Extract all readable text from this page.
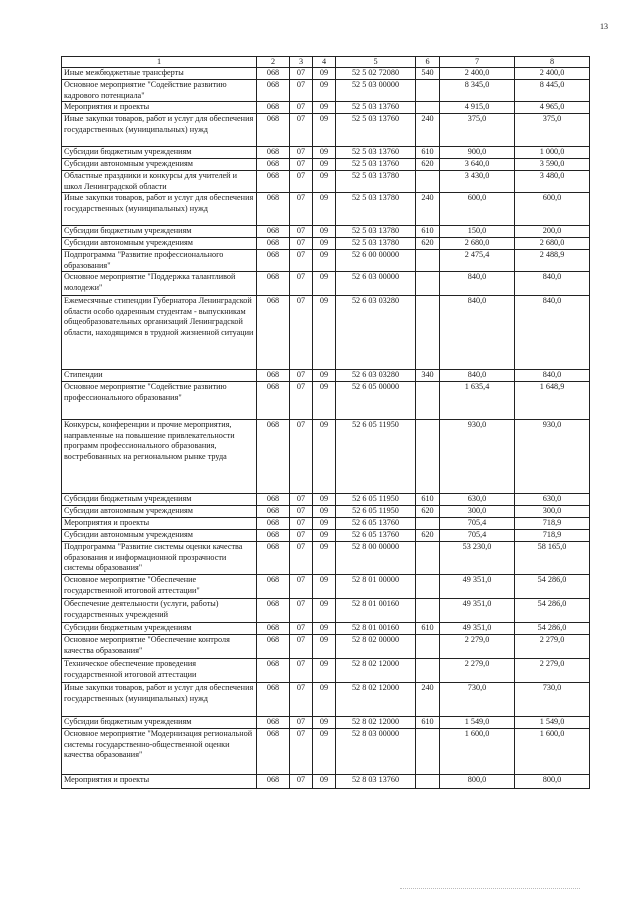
13
1	2	3	4	5	6	7	8
Иные межбюджетные трансферты	068	07	09	52 5 02 72080	540	2 400,0	2 400,0
Основное мероприятие "Содействие развитию кадрового потенциала"	068	07	09	52 5 03 00000		8 345,0	8 445,0
Мероприятия и проекты	068	07	09	52 5 03 13760		4 915,0	4 965,0
Иные закупки товаров, работ и услуг для обеспечения государственных (муниципальных) нужд	068	07	09	52 5 03 13760	240	375,0	375,0
Субсидии бюджетным учреждениям	068	07	09	52 5 03 13760	610	900,0	1 000,0
Субсидии автономным учреждениям	068	07	09	52 5 03 13760	620	3 640,0	3 590,0
Областные праздники и конкурсы для учителей и школ Ленинградской области	068	07	09	52 5 03 13780		3 430,0	3 480,0
Иные закупки товаров, работ и услуг для обеспечения государственных (муниципальных) нужд	068	07	09	52 5 03 13780	240	600,0	600,0
Субсидии бюджетным учреждениям	068	07	09	52 5 03 13780	610	150,0	200,0
Субсидии автономным учреждениям	068	07	09	52 5 03 13780	620	2 680,0	2 680,0
Подпрограмма "Развитие профессионального образования"	068	07	09	52 6 00 00000		2 475,4	2 488,9
Основное мероприятие "Поддержка талантливой молодежи"	068	07	09	52 6 03 00000		840,0	840,0
Ежемесячные стипендии Губернатора Ленинградской области особо одаренным студентам - выпускникам общеобразовательных организаций Ленинградской области, находящимся в трудной жизненной ситуации	068	07	09	52 6 03 03280		840,0	840,0
Стипендии	068	07	09	52 6 03 03280	340	840,0	840,0
Основное мероприятие "Содействие развитию профессионального образования"	068	07	09	52 6 05 00000		1 635,4	1 648,9
Конкурсы, конференции и прочие мероприятия, направленные на повышение привлекательности программ профессионального образования, востребованных на региональном рынке труда	068	07	09	52 6 05 11950		930,0	930,0
Субсидии бюджетным учреждениям	068	07	09	52 6 05 11950	610	630,0	630,0
Субсидии автономным учреждениям	068	07	09	52 6 05 11950	620	300,0	300,0
Мероприятия и проекты	068	07	09	52 6 05 13760		705,4	718,9
Субсидии автономным учреждениям	068	07	09	52 6 05 13760	620	705,4	718,9
Подпрограмма "Развитие системы оценки качества образования и информационной прозрачности системы образования"	068	07	09	52 8 00 00000		53 230,0	58 165,0
Основное мероприятие "Обеспечение государственной итоговой аттестации"	068	07	09	52 8 01 00000		49 351,0	54 286,0
Обеспечение деятельности (услуги, работы) государственных учреждений	068	07	09	52 8 01 00160		49 351,0	54 286,0
Субсидии бюджетным учреждениям	068	07	09	52 8 01 00160	610	49 351,0	54 286,0
Основное мероприятие "Обеспечение контроля качества образования"	068	07	09	52 8 02 00000		2 279,0	2 279,0
Техническое обеспечение проведения государственной итоговой аттестации	068	07	09	52 8 02 12000		2 279,0	2 279,0
Иные закупки товаров, работ и услуг для обеспечения государственных (муниципальных) нужд	068	07	09	52 8 02 12000	240	730,0	730,0
Субсидии бюджетным учреждениям	068	07	09	52 8 02 12000	610	1 549,0	1 549,0
Основное мероприятие "Модернизация региональной системы государственно-общественной оценки качества образования"	068	07	09	52 8 03 00000		1 600,0	1 600,0
Мероприятия и проекты	068	07	09	52 8 03 13760		800,0	800,0
